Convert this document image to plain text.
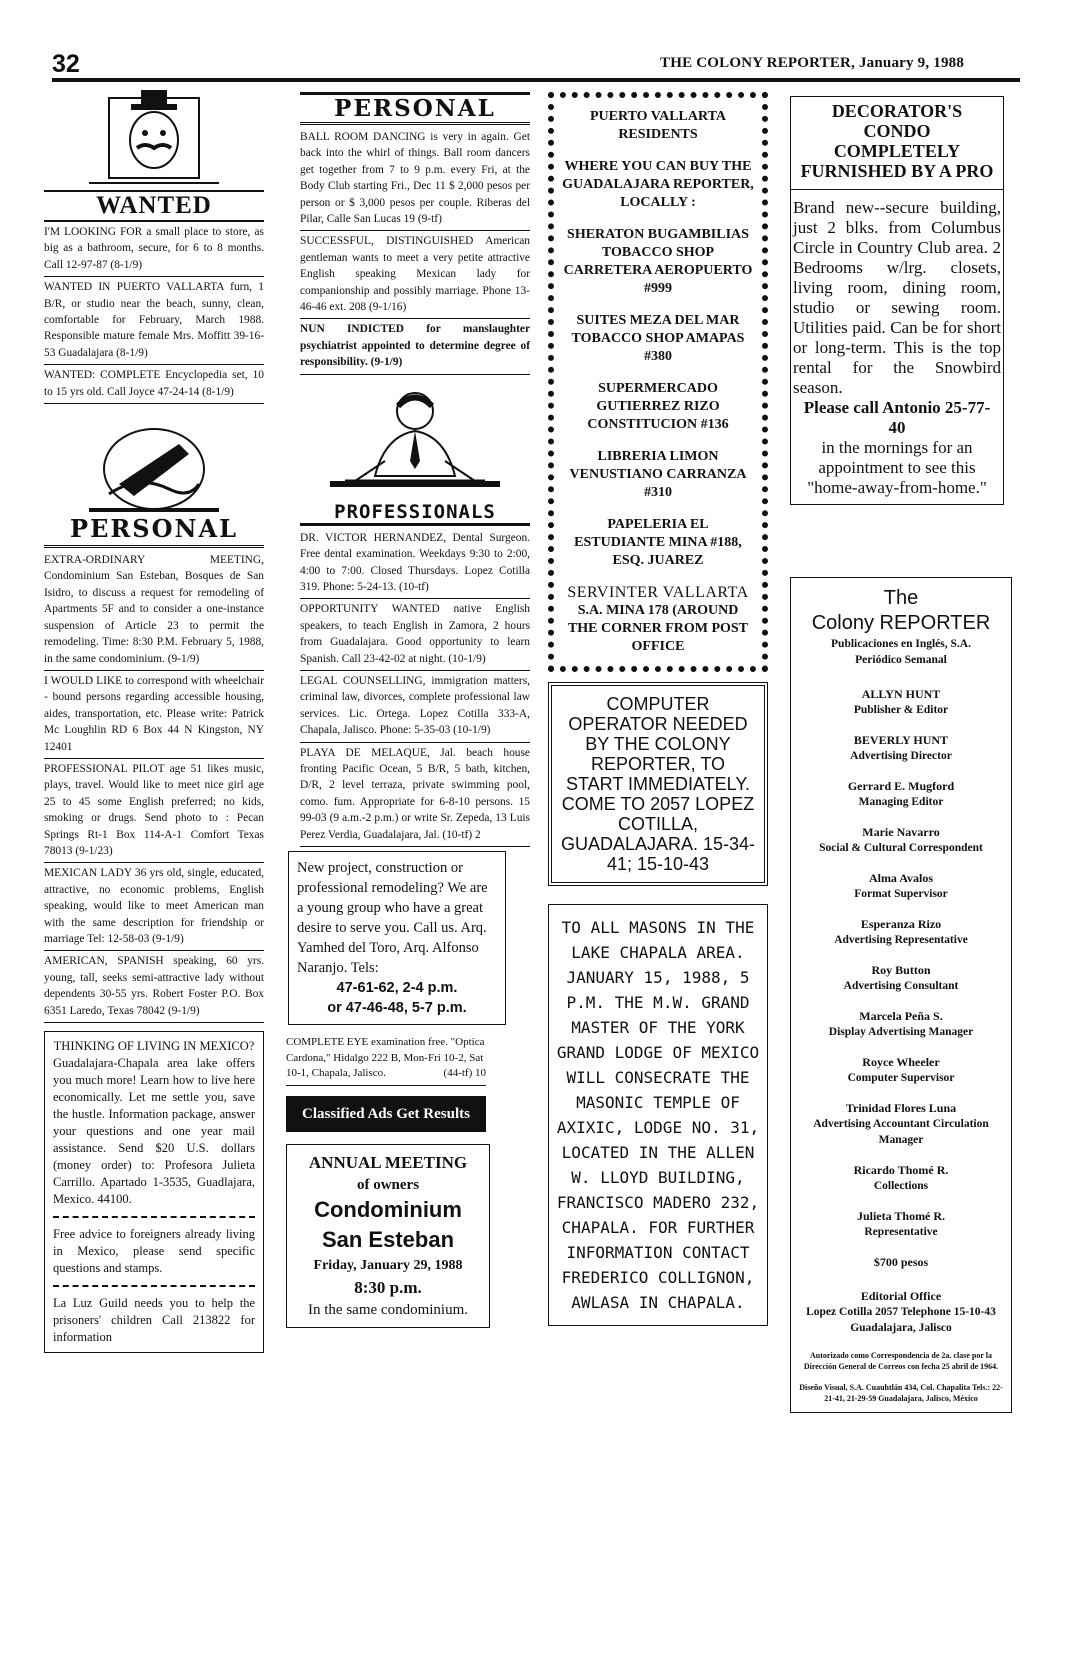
32	THE COLONY REPORTER, January 9, 1988
WANTED
I'M LOOKING FOR a small place to store, as big as a bathroom, secure, for 6 to 8 months. Call 12-97-87 (8-1/9)
WANTED IN PUERTO VALLARTA furn, 1 B/R, or studio near the beach, sunny, clean, comfortable for February, March 1988. Responsible mature female Mrs. Moffitt 39-16-53 Guadalajara (8-1/9)
WANTED: COMPLETE Encyclopedia set, 10 to 15 yrs old. Call Joyce 47-24-14 (8-1/9)
PERSONAL
EXTRA-ORDINARY MEETING, Condominium San Esteban, Bosques de San Isidro, to discuss a request for remodeling of Apartments 5F and to consider a one-instance suspension of Article 23 to permit the remodeling. Time: 8:30 P.M. February 5, 1988, in the same condominium. (9-1/9)
I WOULD LIKE to correspond with wheelchair - bound persons regarding accessible housing, aides, transportation, etc. Please write: Patrick Mc Loughlin RD 6 Box 44 N Kingston, NY 12401
PROFESSIONAL PILOT age 51 likes music, plays, travel. Would like to meet nice girl age 25 to 45 some English preferred; no kids, smoking or drugs. Send photo to : Pecan Springs Rt-1 Box 114-A-1 Comfort Texas 78013 (9-1/23)
MEXICAN LADY 36 yrs old, single, educated, attractive, no economic problems, English speaking, would like to meet American man with the same description for friendship or marriage Tel: 12-58-03 (9-1/9)
AMERICAN, SPANISH speaking, 60 yrs. young, tall, seeks semi-attractive lady without dependents 30-55 yrs. Robert Foster P.O. Box 6351 Laredo, Texas 78042 (9-1/9)
THINKING OF LIVING IN MEXICO?
Guadalajara-Chapala area lake offers you much more! Learn how to live here economically. Let me settle you, save the hustle. Information package, answer your questions and one year mail assistance. Send $20 U.S. dollars (money order) to: Profesora Julieta Carrillo. Apartado 1-3535, Guadlajara, Mexico. 44100.
Free advice to foreigners already living in Mexico, please send specific questions and stamps.
La Luz Guild needs you to help the prisoners' children Call 213822 for information
PERSONAL
BALL ROOM DANCING is very in again. Get back into the whirl of things. Ball room dancers get together from 7 to 9 p.m. every Fri, at the Body Club starting Fri., Dec 11 $ 2,000 pesos per person or $ 3,000 pesos per couple. Riberas del Pilar, Calle San Lucas 19 (9-tf)
SUCCESSFUL, DISTINGUISHED American gentleman wants to meet a very petite attractive English speaking Mexican lady for companionship and possibly marriage. Phone 13-46-46 ext. 208 (9-1/16)
NUN INDICTED for manslaughter psychiatrist appointed to determine degree of responsibility. (9-1/9)
PROFESSIONALS
DR. VICTOR HERNANDEZ, Dental Surgeon. Free dental examination. Weekdays 9:30 to 2:00, 4:00 to 7:00. Closed Thursdays. Lopez Cotilla 319. Phone: 5-24-13. (10-tf)
OPPORTUNITY WANTED native English speakers, to teach English in Zamora, 2 hours from Guadalajara. Good opportunity to learn Spanish. Call 23-42-02 at night. (10-1/9)
LEGAL COUNSELLING, immigration matters, criminal law, divorces, complete professional law services. Lic. Ortega. Lopez Cotilla 333-A, Chapala, Jalisco. Phone: 5-35-03 (10-1/9)
PLAYA DE MELAQUE, Jal. beach house fronting Pacific Ocean, 5 B/R, 5 bath, kitchen, D/R, 2 level terraza, private swimming pool, como. fum. Appropriate for 6-8-10 persons. 15 99-03 (9 a.m.-2 p.m.) or write Sr. Zepeda, 13 Luis Perez Verdia, Guadalajara, Jal. (10-tf) 2
New project, construction or professional remodeling? We are a young group who have a great desire to serve you. Call us. Arq. Yamhed del Toro, Arq. Alfonso Naranjo. Tels:
47-61-62, 2-4 p.m.
or 47-46-48, 5-7 p.m.
COMPLETE EYE examination free. "Optica Cardona," Hidalgo 222 B, Mon-Fri 10-2, Sat 10-1, Chapala, Jalisco.	(44-tf) 10
Classified Ads Get Results
ANNUAL MEETING
of owners
Condominium
San Esteban
Friday, January 29, 1988
8:30 p.m.
In the same condominium.
PUERTO VALLARTA RESIDENTS
WHERE YOU CAN BUY THE GUADALAJARA REPORTER, LOCALLY :
SHERATON BUGAMBILIAS TOBACCO SHOP CARRETERA AEROPUERTO #999
SUITES MEZA DEL MAR TOBACCO SHOP AMAPAS #380
SUPERMERCADO GUTIERREZ RIZO CONSTITUCION #136
LIBRERIA LIMON VENUSTIANO CARRANZA #310
PAPELERIA EL ESTUDIANTE MINA #188, ESQ. JUAREZ
SERVINTER VALLARTA
S.A. MINA 178 (AROUND THE CORNER FROM POST OFFICE
COMPUTER OPERATOR NEEDED BY THE COLONY REPORTER, TO START IMMEDIATELY. COME TO 2057 LOPEZ COTILLA, GUADALAJARA. 15-34-41; 15-10-43
TO ALL MASONS IN THE LAKE CHAPALA AREA. JANUARY 15, 1988, 5 P.M. THE M.W. GRAND MASTER OF THE YORK GRAND LODGE OF MEXICO WILL CONSECRATE THE MASONIC TEMPLE OF AXIXIC, LODGE NO. 31, LOCATED IN THE ALLEN W. LLOYD BUILDING, FRANCISCO MADERO 232, CHAPALA. FOR FURTHER INFORMATION CONTACT FREDERICO COLLIGNON, AWLASA IN CHAPALA.
DECORATOR'S CONDO COMPLETELY FURNISHED BY A PRO
Brand new--secure building, just 2 blks. from Columbus Circle in Country Club area. 2 Bedrooms w/lrg. closets, living room, dining room, studio or sewing room. Utilities paid. Can be for short or long-term. This is the top rental for the Snowbird season.
Please call Antonio 25-77-40
in the mornings for an appointment to see this "home-away-from-home."
The
Colony REPORTER
Publicaciones en Inglés, S.A.
Periódico Semanal
ALLYN HUNT
Publisher & Editor
BEVERLY HUNT
Advertising Director
Gerrard E. Mugford
Managing Editor
Marie Navarro
Social & Cultural Correspondent
Alma Avalos
Format Supervisor
Esperanza Rizo
Advertising Representative
Roy Button
Advertising Consultant
Marcela Peña S.
Display Advertising Manager
Royce Wheeler
Computer Supervisor
Trinidad Flores Luna
Advertising Accountant Circulation Manager
Ricardo Thomé R.
Collections
Julieta Thomé R.
Representative
$700 pesos
Editorial Office
Lopez Cotilla 2057 Telephone 15-10-43 Guadalajara, Jalisco
Autorizado como Correspondencia de 2a. clase por la Dirección General de Correos con fecha 25 abril de 1964.
Diseño Visual, S.A. Cuauhtlán 434, Col. Chapalita Tels.: 22-21-41, 21-29-59 Guadalajara, Jalisco, México
